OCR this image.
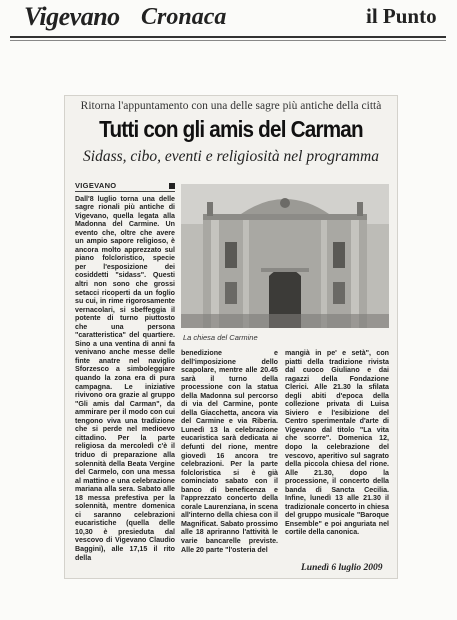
Vigevano Cronaca	il Punto
Ritorna l'appuntamento con una delle sagre più antiche della città
Tutti con gli amis del Carman
Sidass, cibo, eventi e religiosità nel programma
VIGEVANO
Dall'8 luglio torna una delle sagre rionali più antiche di Vigevano, quella legata alla Madonna del Carmine. Un evento che, oltre che avere un ampio sapore religioso, è ancora molto apprezzato sul piano folcloristico, specie per l'esposizione dei cosiddetti "sidass". Questi altri non sono che grossi setacci ricoperti da un foglio su cui, in rime rigorosamente vernacolari, si sbeffeggia il potente di turno piuttosto che una persona "caratteristica" del quartiere. Sino a una ventina di anni fa venivano anche messe delle finte anatre nel naviglio Sforzesco a simboleggiare quando la zona era di pura campagna. Le iniziative rivivono ora grazie al gruppo "Gli amis dal Carman", da ammirare per il modo con cui tengono viva una tradizione che si perde nel medioevo cittadino. Per la parte religiosa da mercoledì c'è il triduo di preparazione alla solennità della Beata Vergine del Carmelo, con una messa al mattino e una celebrazione mariana alla sera. Sabato alle 18 messa prefestiva per la solennità, mentre domenica ci saranno celebrazioni eucaristiche (quella delle 10,30 è presieduta dal vescovo di Vigevano Claudio Baggini), alle 17,15 il rito della
La chiesa del Carmine
benedizione e dell'imposizione dello scapolare, mentre alle 20.45 sarà il turno della processione con la statua della Madonna sul percorso di via del Carmine, ponte della Giacchetta, ancora via del Carmine e via Riberia. Lunedì 13 la celebrazione eucaristica sarà dedicata ai defunti del rione, mentre giovedì 16 ancora tre celebrazioni. Per la parte folcloristica si è già cominciato sabato con il banco di beneficenza e l'apprezzato concerto della corale Laurenziana, in scena all'interno della chiesa con il Magnificat. Sabato prossimo alle 18 apriranno l'attività le varie bancarelle previste. Alle 20 parte "l'osteria del
mangià in pe' e setà", con piatti della tradizione rivista dal cuoco Giuliano e dai ragazzi della Fondazione Clerici. Alle 21.30 la sfilata degli abiti d'epoca della collezione privata di Luisa Siviero e l'esibizione del Centro sperimentale d'arte di Vigevano dal titolo "La vita che scorre". Domenica 12, dopo la celebrazione del vescovo, aperitivo sul sagrato della piccola chiesa del rione. Alle 21.30, dopo la processione, il concerto della banda di Sancta Cecilia. Infine, lunedì 13 alle 21.30 il tradizionale concerto in chiesa del gruppo musicale "Baroque Ensemble" e poi anguriata nel cortile della canonica.
Lunedì 6 luglio 2009
